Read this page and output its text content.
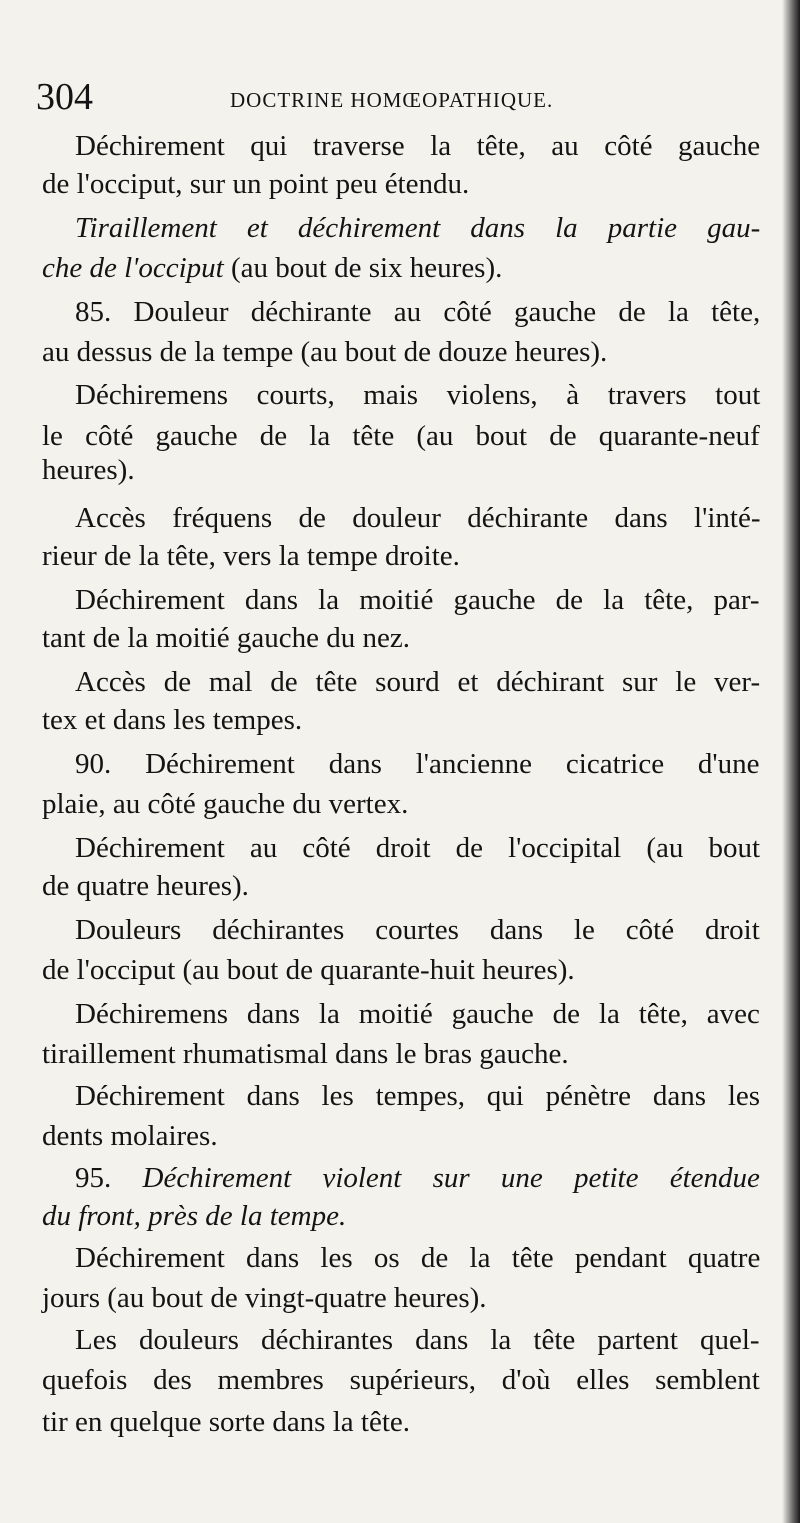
304	DOCTRINE HOMŒOPATHIQUE.
Déchirement qui traverse la tête, au côté gauche
de l'occiput, sur un point peu étendu.
Tiraillement et déchirement dans la partie gau-
che de l'occiput (au bout de six heures).
85. Douleur déchirante au côté gauche de la tête,
au dessus de la tempe (au bout de douze heures).
Déchiremens courts, mais violens, à travers tout
le côté gauche de la tête (au bout de quarante-neuf
heures).
Accès fréquens de douleur déchirante dans l'inté-
rieur de la tête, vers la tempe droite.
Déchirement dans la moitié gauche de la tête, par-
tant de la moitié gauche du nez.
Accès de mal de tête sourd et déchirant sur le ver-
tex et dans les tempes.
90. Déchirement dans l'ancienne cicatrice d'une
plaie, au côté gauche du vertex.
Déchirement au côté droit de l'occipital (au bout
de quatre heures).
Douleurs déchirantes courtes dans le côté droit
de l'occiput (au bout de quarante-huit heures).
Déchiremens dans la moitié gauche de la tête, avec
tiraillement rhumatismal dans le bras gauche.
Déchirement dans les tempes, qui pénètre dans les
dents molaires.
95. Déchirement violent sur une petite étendue
du front, près de la tempe.
Déchirement dans les os de la tête pendant quatre
jours (au bout de vingt-quatre heures).
Les douleurs déchirantes dans la tête partent quel-
quefois des membres supérieurs, d'où elles semblent
tir en quelque sorte dans la tête.
